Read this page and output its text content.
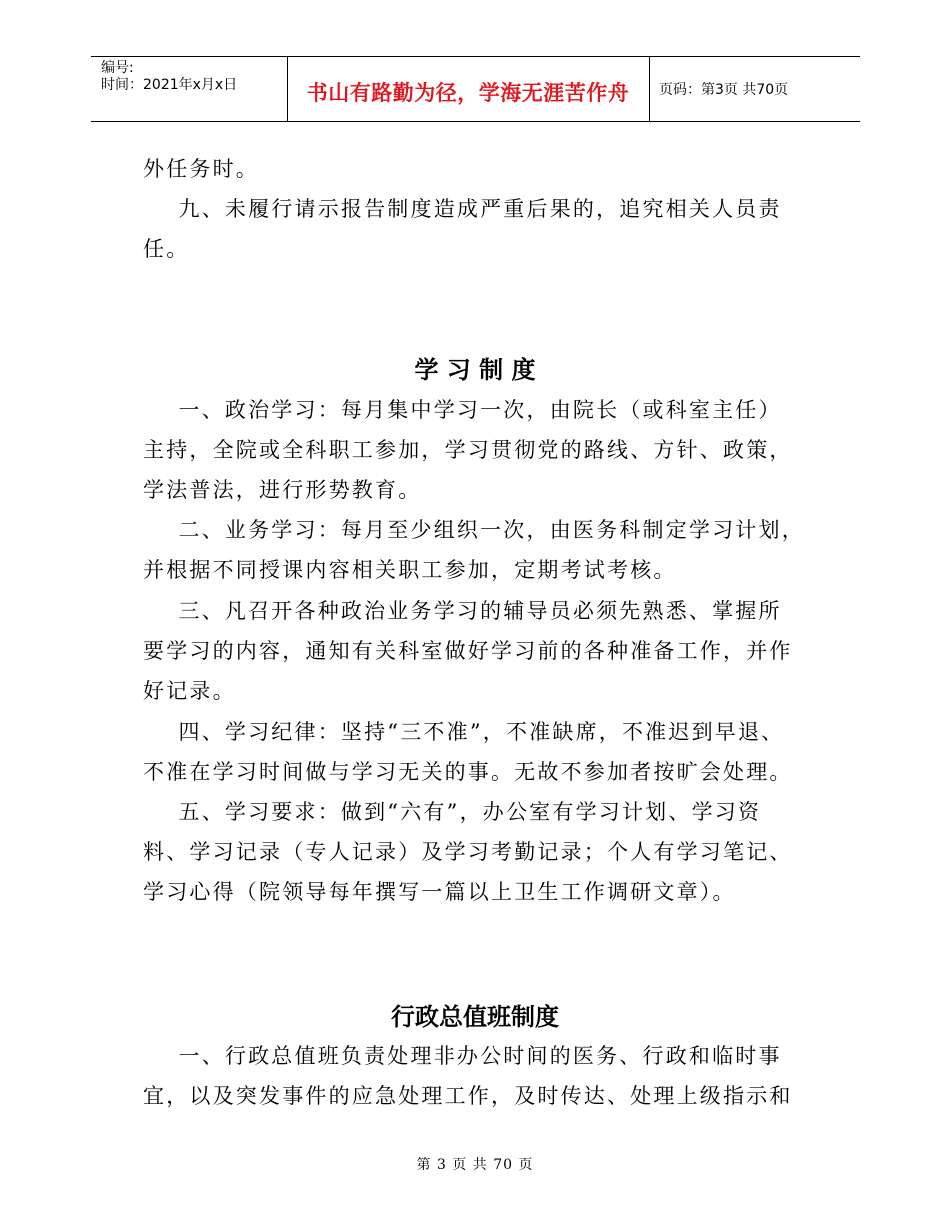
编号:
时间：2021年x月x日	书山有路勤为径，学海无涯苦作舟	页码：第3页 共70页
外任务时。
九、未履行请示报告制度造成严重后果的，追究相关人员责
任。
学 习 制 度
一、政治学习：每月集中学习一次，由院长（或科室主任）
主持，全院或全科职工参加，学习贯彻党的路线、方针、政策，
学法普法，进行形势教育。
二、业务学习：每月至少组织一次，由医务科制定学习计划，
并根据不同授课内容相关职工参加，定期考试考核。
三、凡召开各种政治业务学习的辅导员必须先熟悉、掌握所
要学习的内容，通知有关科室做好学习前的各种准备工作，并作
好记录。
四、学习纪律：坚持“三不准”，不准缺席，不准迟到早退、
不准在学习时间做与学习无关的事。无故不参加者按旷会处理。
五、学习要求：做到“六有”，办公室有学习计划、学习资
料、学习记录（专人记录）及学习考勤记录；个人有学习笔记、
学习心得（院领导每年撰写一篇以上卫生工作调研文章）。
行政总值班制度
一、行政总值班负责处理非办公时间的医务、行政和临时事
宜，以及突发事件的应急处理工作，及时传达、处理上级指示和
第 3 页 共 70 页
